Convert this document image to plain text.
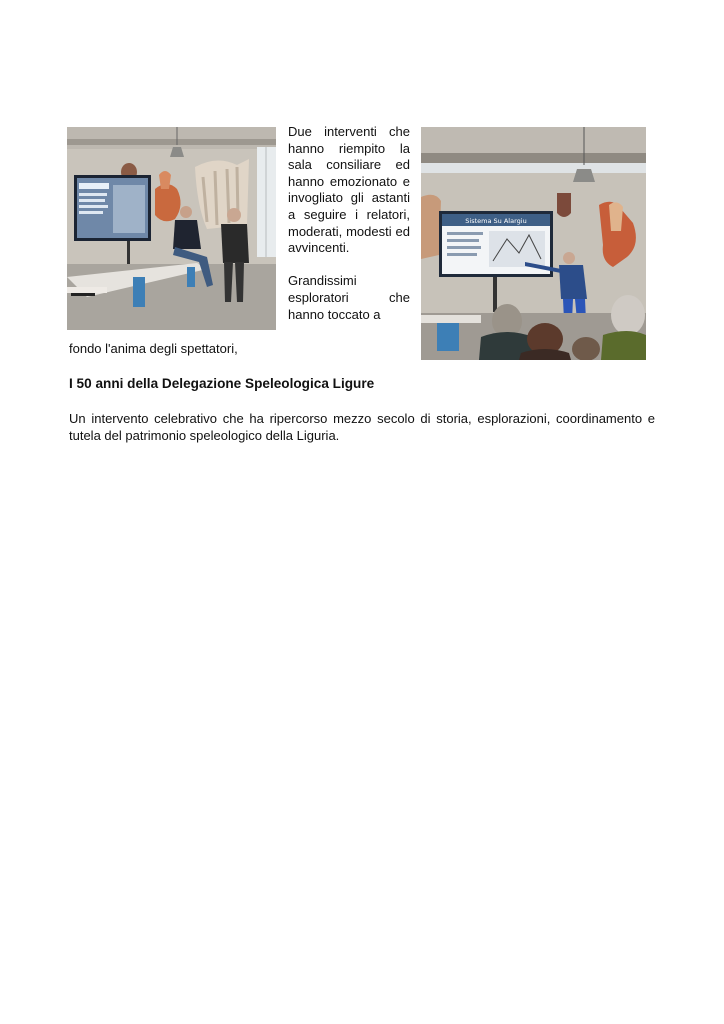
Due interventi che hanno riempito la sala consiliare ed hanno emozionato e invogliato gli astanti a seguire i relatori, moderati, modesti ed avvincenti.

Grandissimi esploratori che hanno toccato a

fondo l'anima degli spettatori,

Sistema Su Alargiu
I 50 anni della Delegazione Speleologica Ligure

Un intervento celebrativo che ha ripercorso mezzo secolo di storia, esplorazioni, coordinamento e tutela del patrimonio speleologico della Liguria.
